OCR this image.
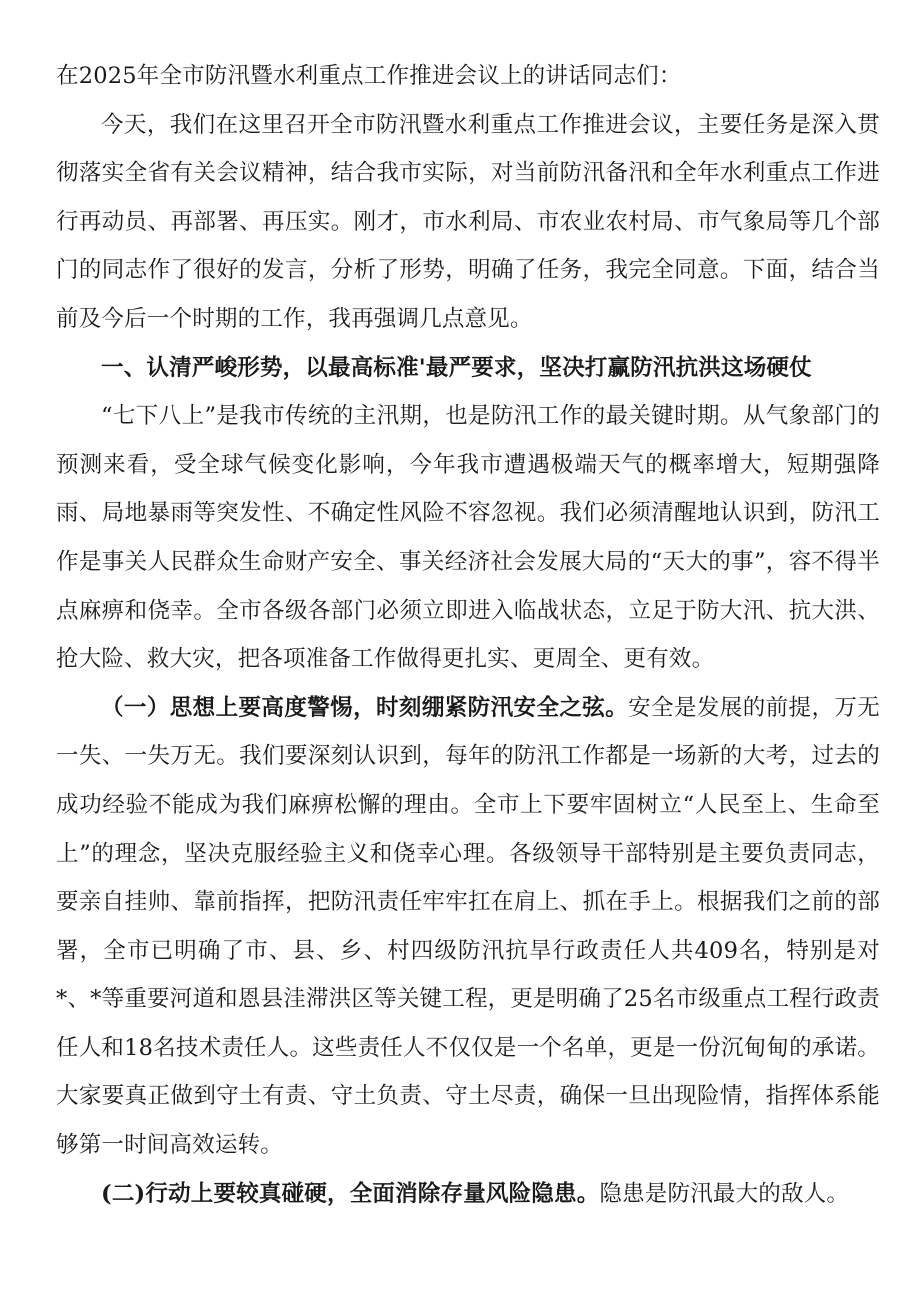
在2025年全市防汛暨水利重点工作推进会议上的讲话同志们：

今天，我们在这里召开全市防汛暨水利重点工作推进会议，主要任务是深入贯彻落实全省有关会议精神，结合我市实际，对当前防汛备汛和全年水利重点工作进行再动员、再部署、再压实。刚才，市水利局、市农业农村局、市气象局等几个部门的同志作了很好的发言，分析了形势，明确了任务，我完全同意。下面，结合当前及今后一个时期的工作，我再强调几点意见。

一、认清严峻形势，以最高标准'最严要求，坚决打赢防汛抗洪这场硬仗

“七下八上”是我市传统的主汛期，也是防汛工作的最关键时期。从气象部门的预测来看，受全球气候变化影响，今年我市遭遇极端天气的概率增大，短期强降雨、局地暴雨等突发性、不确定性风险不容忽视。我们必须清醒地认识到，防汛工作是事关人民群众生命财产安全、事关经济社会发展大局的“天大的事”，容不得半点麻痹和侥幸。全市各级各部门必须立即进入临战状态，立足于防大汛、抗大洪、抢大险、救大灾，把各项准备工作做得更扎实、更周全、更有效。

（一）思想上要高度警惕，时刻绷紧防汛安全之弦。安全是发展的前提，万无一失、一失万无。我们要深刻认识到，每年的防汛工作都是一场新的大考，过去的成功经验不能成为我们麻痹松懈的理由。全市上下要牢固树立“人民至上、生命至上”的理念，坚决克服经验主义和侥幸心理。各级领导干部特别是主要负责同志，要亲自挂帅、靠前指挥，把防汛责任牢牢扛在肩上、抓在手上。根据我们之前的部署，全市已明确了市、县、乡、村四级防汛抗旱行政责任人共409名，特别是对*、*等重要河道和恩县洼滞洪区等关键工程，更是明确了25名市级重点工程行政责任人和18名技术责任人。这些责任人不仅仅是一个名单，更是一份沉甸甸的承诺。大家要真正做到守土有责、守土负责、守土尽责，确保一旦出现险情，指挥体系能够第一时间高效运转。

(二)行动上要较真碰硬，全面消除存量风险隐患。隐患是防汛最大的敌人。
